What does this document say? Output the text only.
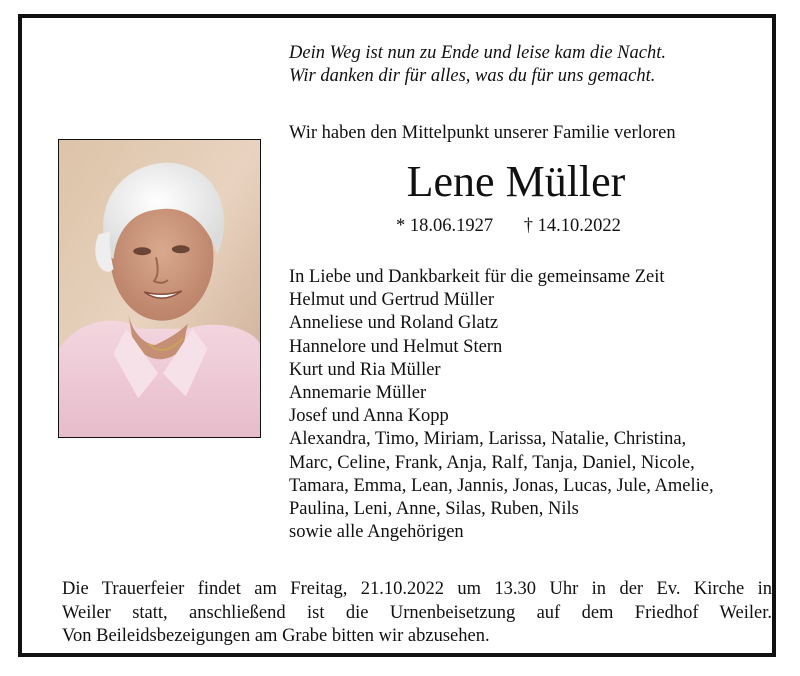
Dein Weg ist nun zu Ende und leise kam die Nacht.
Wir danken dir für alles, was du für uns gemacht.
Wir haben den Mittelpunkt unserer Familie verloren
Lene Müller
* 18.06.1927 † 14.10.2022
In Liebe und Dankbarkeit für die gemeinsame Zeit
Helmut und Gertrud Müller
Anneliese und Roland Glatz
Hannelore und Helmut Stern
Kurt und Ria Müller
Annemarie Müller
Josef und Anna Kopp
Alexandra, Timo, Miriam, Larissa, Natalie, Christina,
Marc, Celine, Frank, Anja, Ralf, Tanja, Daniel, Nicole,
Tamara, Emma, Lean, Jannis, Jonas, Lucas, Jule, Amelie,
Paulina, Leni, Anne, Silas, Ruben, Nils
sowie alle Angehörigen
Die Trauerfeier findet am Freitag, 21.10.2022 um 13.30 Uhr in der Ev. Kirche in
Weiler statt, anschließend ist die Urnenbeisetzung auf dem Friedhof Weiler.
Von Beileidsbezeigungen am Grabe bitten wir abzusehen.
